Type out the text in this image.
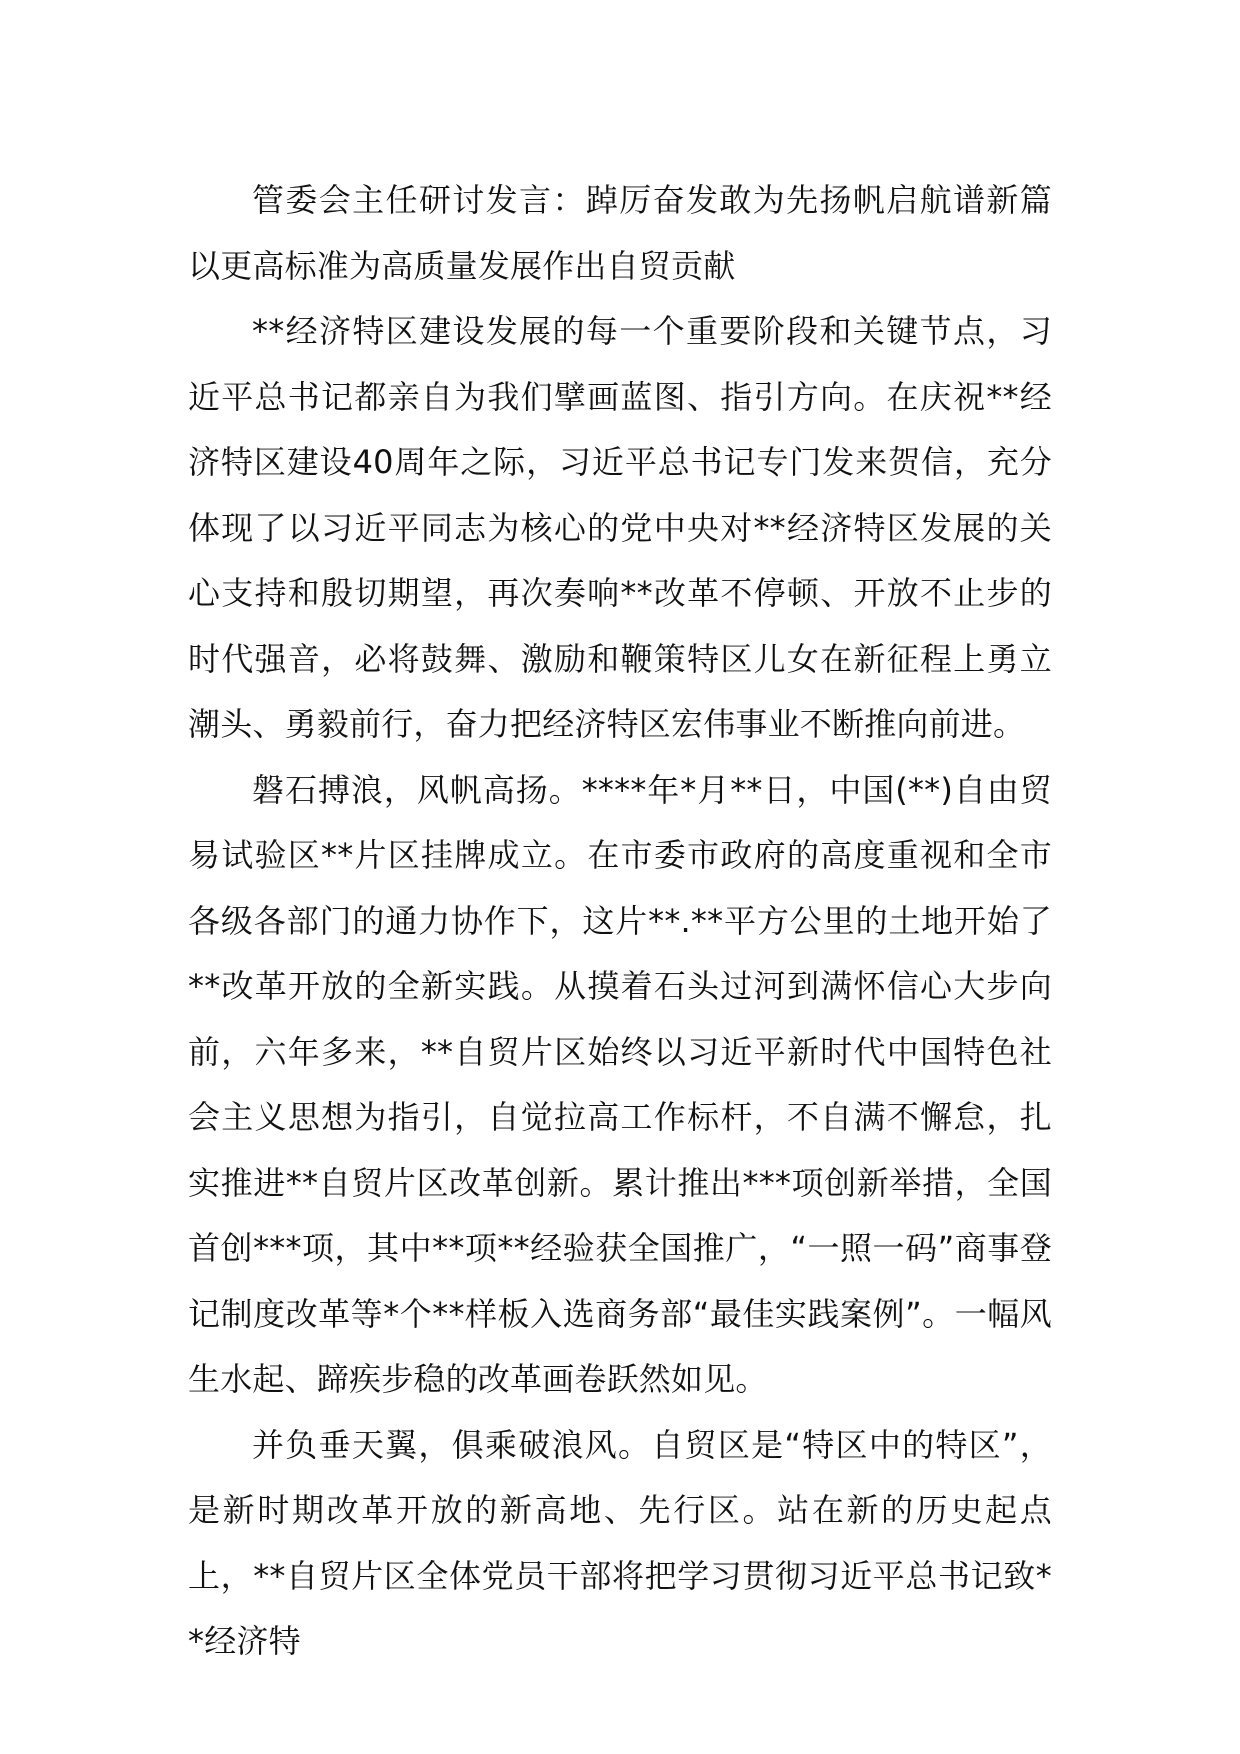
管委会主任研讨发言：踔厉奋发敢为先扬帆启航谱新篇以更高标准为高质量发展作出自贸贡献

**经济特区建设发展的每一个重要阶段和关键节点，习近平总书记都亲自为我们擘画蓝图、指引方向。在庆祝**经济特区建设40周年之际，习近平总书记专门发来贺信，充分体现了以习近平同志为核心的党中央对**经济特区发展的关心支持和殷切期望，再次奏响**改革不停顿、开放不止步的时代强音，必将鼓舞、激励和鞭策特区儿女在新征程上勇立潮头、勇毅前行，奋力把经济特区宏伟事业不断推向前进。

磐石搏浪，风帆高扬。****年*月**日，中国(**)自由贸易试验区**片区挂牌成立。在市委市政府的高度重视和全市各级各部门的通力协作下，这片**.**平方公里的土地开始了**改革开放的全新实践。从摸着石头过河到满怀信心大步向前，六年多来，**自贸片区始终以习近平新时代中国特色社会主义思想为指引，自觉拉高工作标杆，不自满不懈怠，扎实推进**自贸片区改革创新。累计推出***项创新举措，全国首创***项，其中**项**经验获全国推广，“一照一码”商事登记制度改革等*个**样板入选商务部“最佳实践案例”。一幅风生水起、蹄疾步稳的改革画卷跃然如见。

并负垂天翼，俱乘破浪风。自贸区是“特区中的特区”，是新时期改革开放的新高地、先行区。站在新的历史起点上，**自贸片区全体党员干部将把学习贯彻习近平总书记致**经济特
